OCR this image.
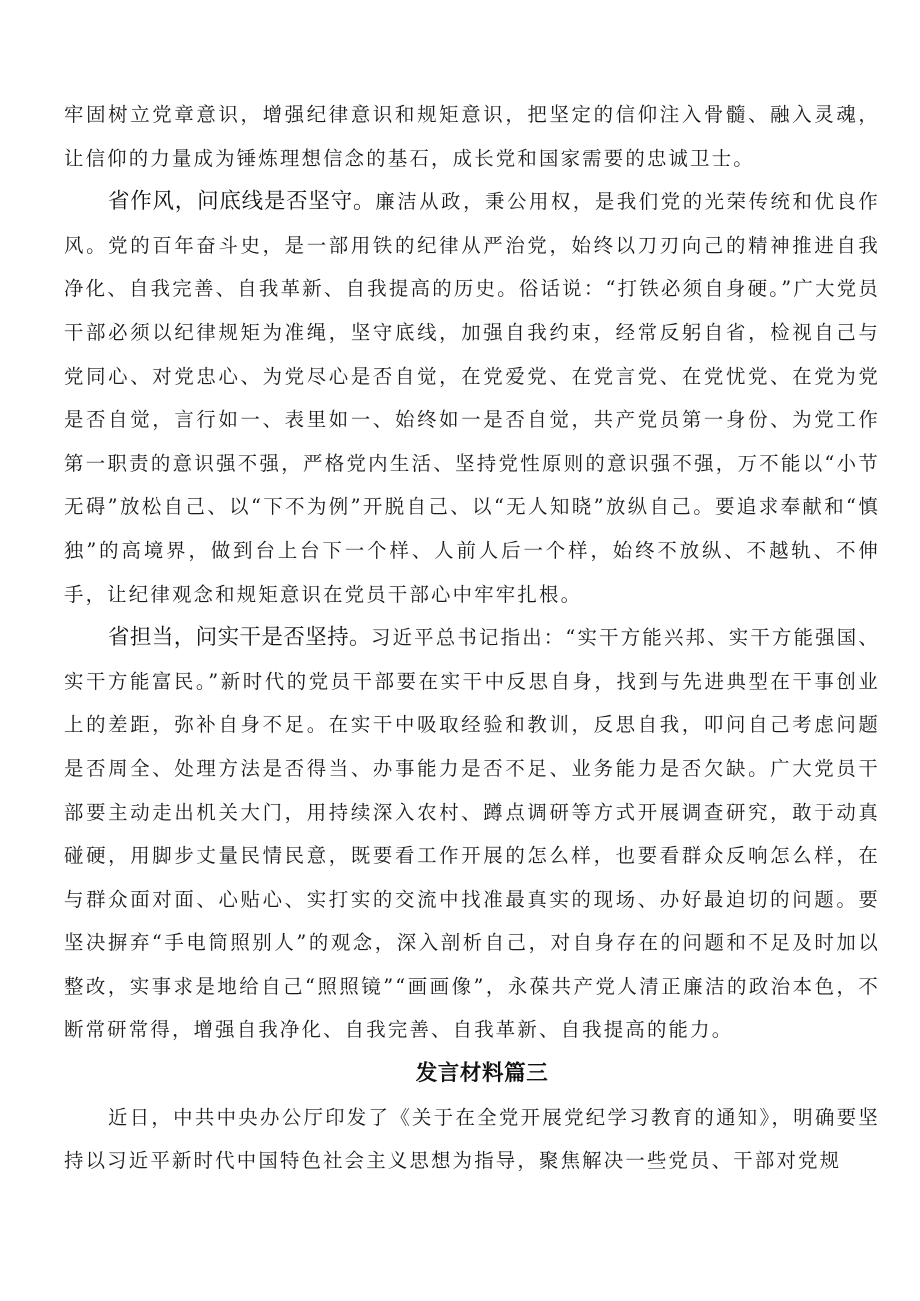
牢固树立党章意识，增强纪律意识和规矩意识，把坚定的信仰注入骨髓、融入灵魂，让信仰的力量成为锤炼理想信念的基石，成长党和国家需要的忠诚卫士。

省作风，问底线是否坚守。廉洁从政，秉公用权，是我们党的光荣传统和优良作风。党的百年奋斗史，是一部用铁的纪律从严治党，始终以刀刃向己的精神推进自我净化、自我完善、自我革新、自我提高的历史。俗话说：“打铁必须自身硬。”广大党员干部必须以纪律规矩为准绳，坚守底线，加强自我约束，经常反躬自省，检视自己与党同心、对党忠心、为党尽心是否自觉，在党爱党、在党言党、在党忧党、在党为党是否自觉，言行如一、表里如一、始终如一是否自觉，共产党员第一身份、为党工作第一职责的意识强不强，严格党内生活、坚持党性原则的意识强不强，万不能以“小节无碍”放松自己、以“下不为例”开脱自己、以“无人知晓”放纵自己。要追求奉献和“慎独”的高境界，做到台上台下一个样、人前人后一个样，始终不放纵、不越轨、不伸手，让纪律观念和规矩意识在党员干部心中牢牢扎根。

省担当，问实干是否坚持。习近平总书记指出：“实干方能兴邦、实干方能强国、实干方能富民。”新时代的党员干部要在实干中反思自身，找到与先进典型在干事创业上的差距，弥补自身不足。在实干中吸取经验和教训，反思自我，叩问自己考虑问题是否周全、处理方法是否得当、办事能力是否不足、业务能力是否欠缺。广大党员干部要主动走出机关大门，用持续深入农村、蹲点调研等方式开展调查研究，敢于动真碰硬，用脚步丈量民情民意，既要看工作开展的怎么样，也要看群众反响怎么样，在与群众面对面、心贴心、实打实的交流中找准最真实的现场、办好最迫切的问题。要坚决摒弃“手电筒照别人”的观念，深入剖析自己，对自身存在的问题和不足及时加以整改，实事求是地给自己“照照镜”“画画像”，永葆共产党人清正廉洁的政治本色，不断常研常得，增强自我净化、自我完善、自我革新、自我提高的能力。

发言材料篇三

近日，中共中央办公厅印发了《关于在全党开展党纪学习教育的通知》，明确要坚持以习近平新时代中国特色社会主义思想为指导，聚焦解决一些党员、干部对党规
